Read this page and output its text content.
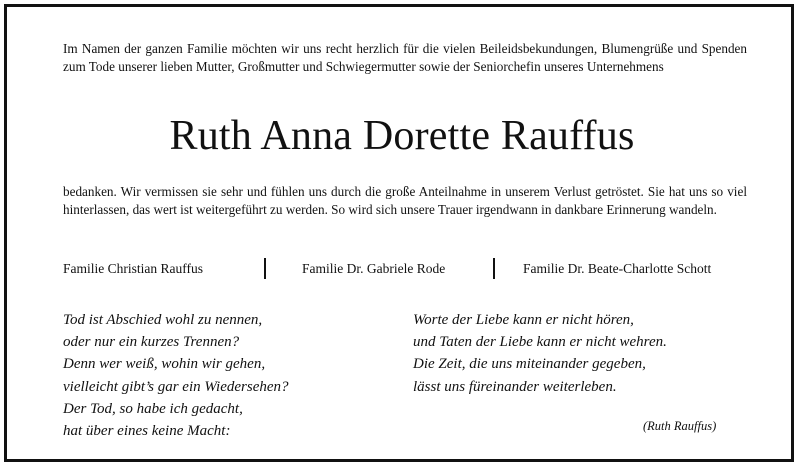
Im Namen der ganzen Familie möchten wir uns recht herzlich für die vielen Beileidsbekundungen, Blumengrüße und Spenden zum Tode unserer lieben Mutter, Großmutter und Schwiegermutter sowie der Seniorchefin unseres Unternehmens
Ruth Anna Dorette Rauffus
bedanken. Wir vermissen sie sehr und fühlen uns durch die große Anteilnahme in unserem Verlust getröstet. Sie hat uns so viel hinterlassen, das wert ist weitergeführt zu werden. So wird sich unsere Trauer irgendwann in dankbare Erinnerung wandeln.
Familie Christian Rauffus	Familie Dr. Gabriele Rode	Familie Dr. Beate-Charlotte Schott
Tod ist Abschied wohl zu nennen,
oder nur ein kurzes Trennen?
Denn wer weiß, wohin wir gehen,
vielleicht gibt’s gar ein Wiedersehen?
Der Tod, so habe ich gedacht,
hat über eines keine Macht:
Worte der Liebe kann er nicht hören,
und Taten der Liebe kann er nicht wehren.
Die Zeit, die uns miteinander gegeben,
lässt uns füreinander weiterleben.
(Ruth Rauffus)
